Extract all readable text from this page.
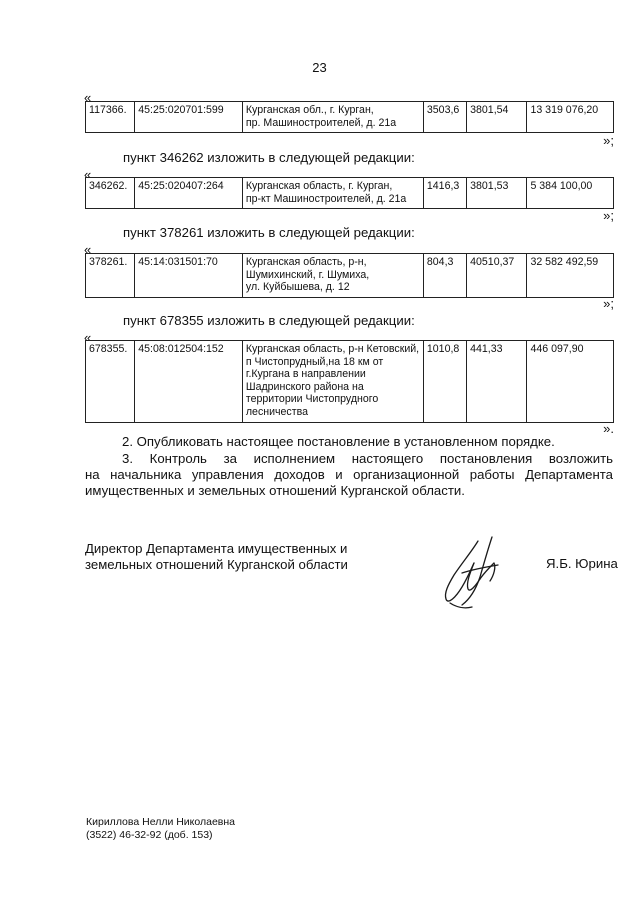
23
«
117366.	45:25:020701:599	Курганская обл., г. Курган,
пр. Машиностроителей, д. 21а
	3503,6	3801,54	13 319 076,20
»;
пункт 346262 изложить в следующей редакции:
«
346262.	45:25:020407:264	Курганская область, г. Курган,
пр-кт Машиностроителей, д. 21а
	1416,3	3801,53	5 384 100,00
»;
пункт 378261 изложить в следующей редакции:
«
378261.	45:14:031501:70	Курганская область, р-н,
Шумихинский, г. Шумиха,
ул. Куйбышева, д. 12
	804,3	40510,37	32 582 492,59
»;
пункт 678355 изложить в следующей редакции:
«
678355.	45:08:012504:152	Курганская область, р-н Кетовский,
п Чистопрудный,на 18 км от
г.Кургана в направлении
Шадринского района на
территории Чистопрудного
лесничества
	1010,8	441,33	446 097,90
».
2. Опубликовать настоящее постановление в установленном порядке.
3. Контроль за исполнением настоящего постановления возложить
на начальника управления доходов и организационной работы Департамента
имущественных и земельных отношений Курганской области.
Директор Департамента имущественных и
земельных отношений Курганской области	Я.Б. Юрина
Кириллова Нелли Николаевна
(3522) 46-32-92 (доб. 153)
